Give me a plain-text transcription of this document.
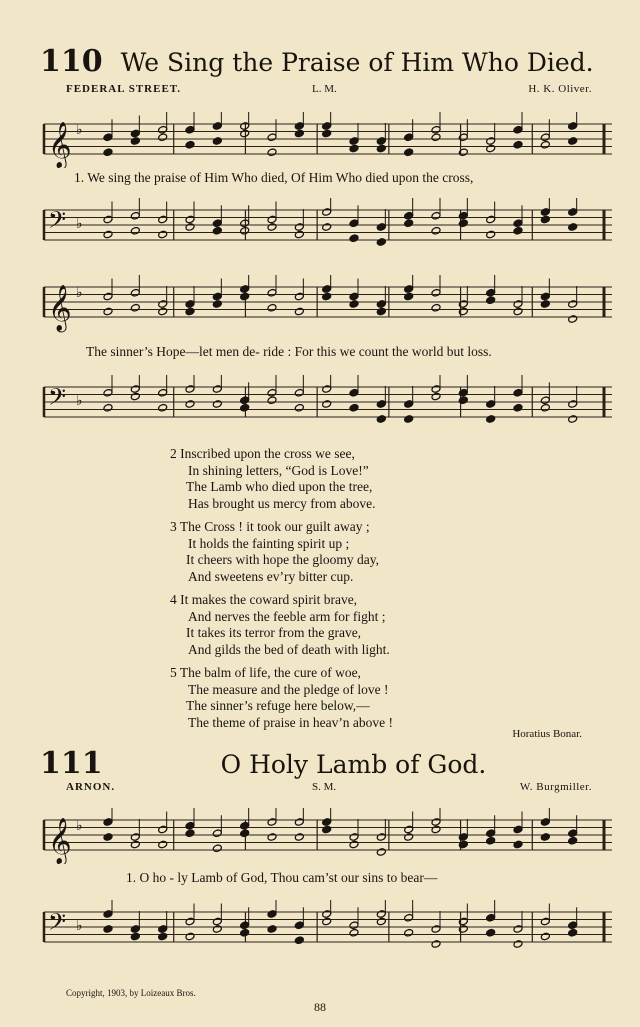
110 We Sing the Praise of Him Who Died.
FEDERAL STREET.	L. M.	H. K. Oliver.
𝄞 ♭
1. We sing the praise of Him Who died, Of Him Who died upon the cross,
𝄢 ♭
𝄞 ♭
The sinner’s Hope—let men de- ride : For this we count the world but loss.
𝄢 ♭
2 Inscribed upon the cross we see,
In shining letters, “God is Love!”
The Lamb who died upon the tree,
Has brought us mercy from above.
3 The Cross ! it took our guilt away ;
It holds the fainting spirit up ;
It cheers with hope the gloomy day,
And sweetens ev’ry bitter cup.
4 It makes the coward spirit brave,
And nerves the feeble arm for fight ;
It takes its terror from the grave,
And gilds the bed of death with light.
5 The balm of life, the cure of woe,
The measure and the pledge of love !
The sinner’s refuge here below,—
The theme of praise in heav’n above !
Horatius Bonar.
111	O Holy Lamb of God.
ARNON.	S. M.	W. Burgmiller.
𝄞 ♭
1. O ho - ly Lamb of God, Thou cam’st our sins to bear—
𝄢 ♭
Copyright, 1903, by Loizeaux Bros.
88
